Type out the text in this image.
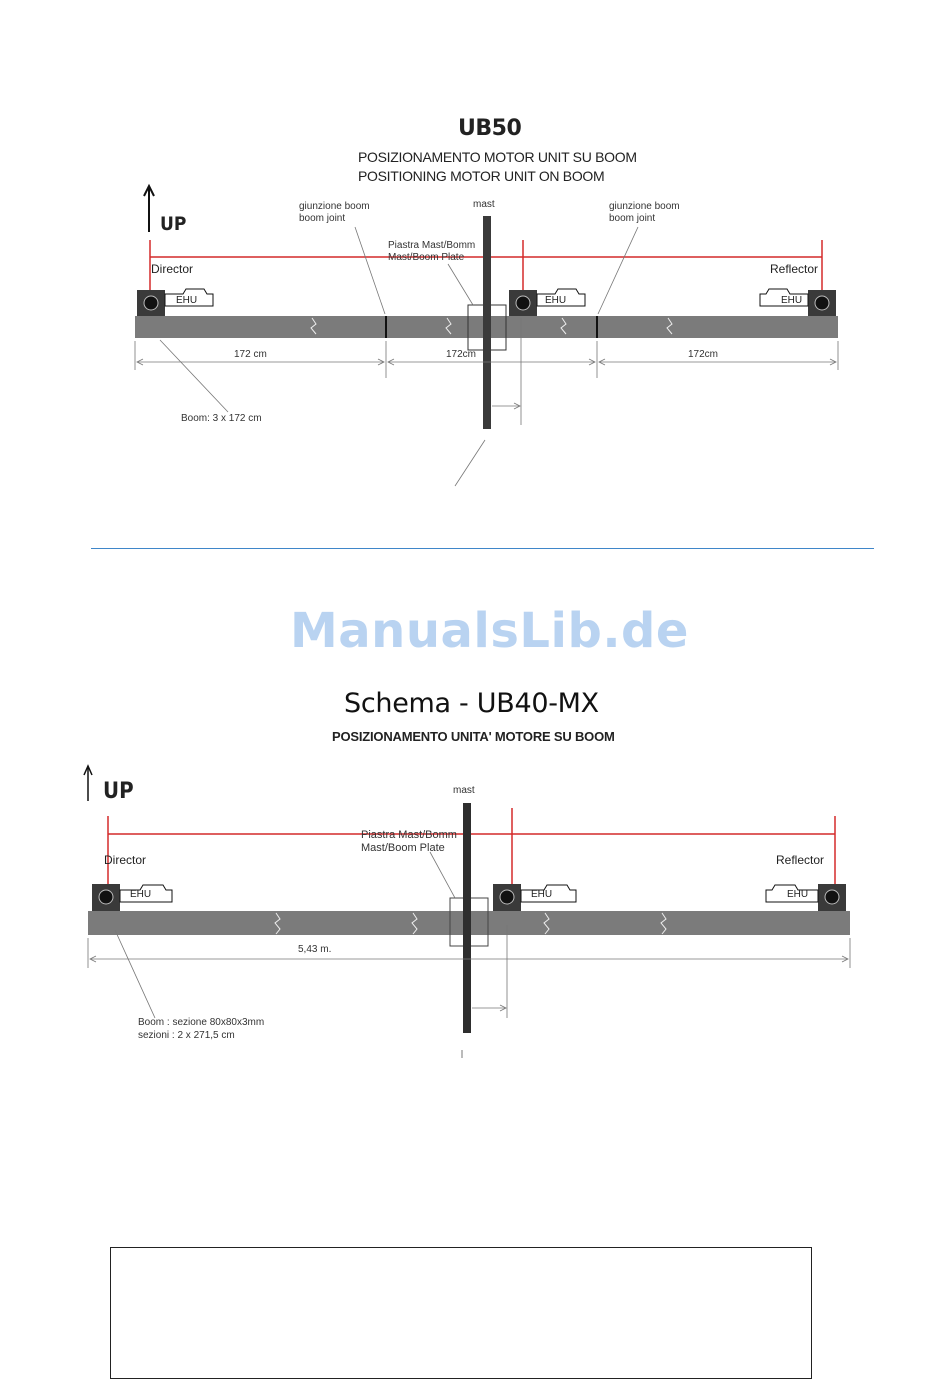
UB50
POSIZIONAMENTO MOTOR UNIT SU BOOM
POSITIONING MOTOR UNIT ON BOOM
EHU	EHU	EHU
UP
mast
giunzione boom
boom joint
giunzione boom
boom joint
Piastra Mast/Bomm
Mast/Boom Plate
Director	Reflector
172 cm	172cm	172cm
Boom: 3 x 172 cm
ManualsLib.de
Schema - UB40-MX
POSIZIONAMENTO UNITA' MOTORE SU BOOM
EHU	EHU	EHU
UP	mast
Piastra Mast/Bomm
Mast/Boom Plate
Director	Reflector
5,43 m.
Boom : sezione 80x80x3mm
sezioni : 2 x 271,5 cm
